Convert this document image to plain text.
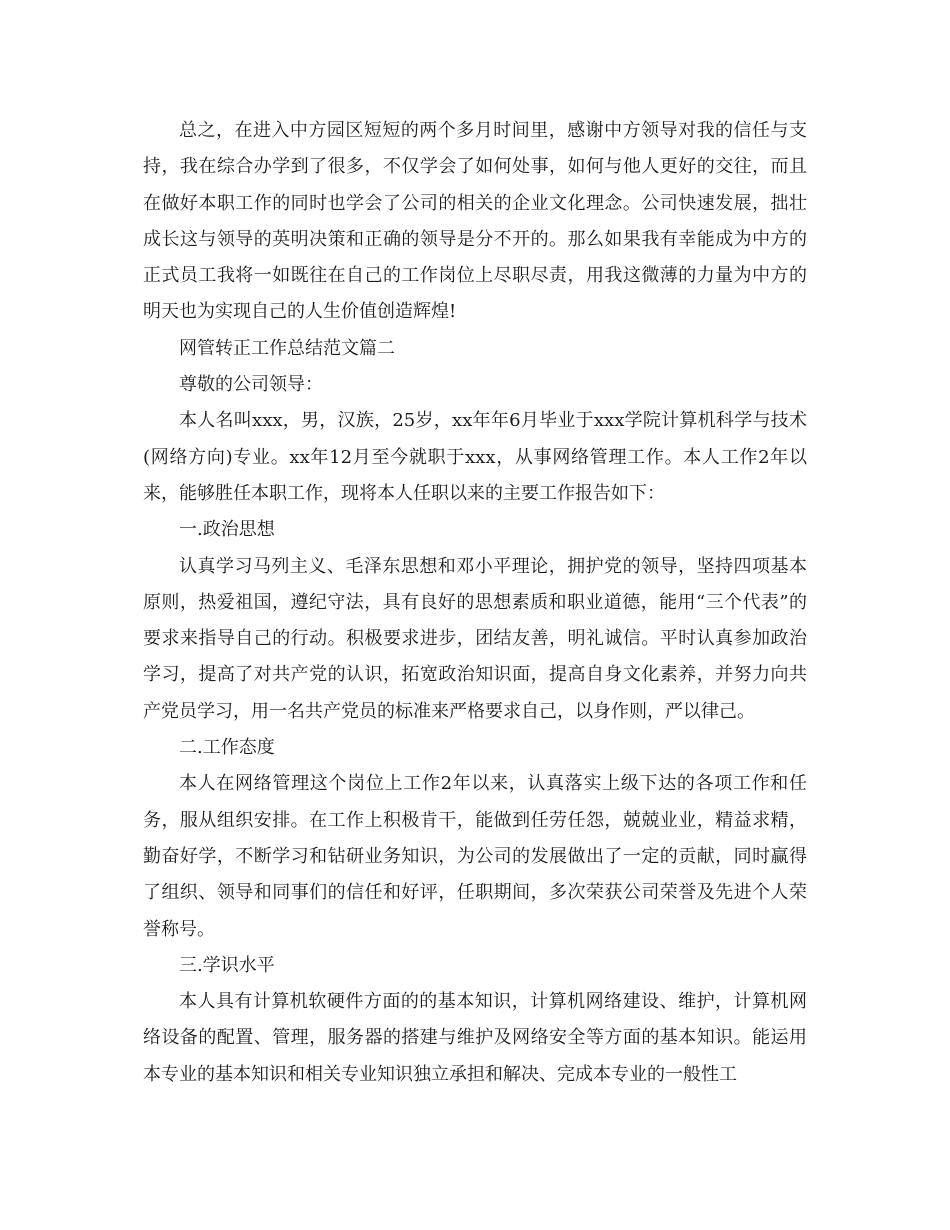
总之，在进入中方园区短短的两个多月时间里，感谢中方领导对我的信任与支持，我在综合办学到了很多，不仅学会了如何处事，如何与他人更好的交往，而且在做好本职工作的同时也学会了公司的相关的企业文化理念。公司快速发展，拙壮成长这与领导的英明决策和正确的领导是分不开的。那么如果我有幸能成为中方的正式员工我将一如既往在自己的工作岗位上尽职尽责，用我这微薄的力量为中方的明天也为实现自己的人生价值创造辉煌!

网管转正工作总结范文篇二

尊敬的公司领导：

本人名叫xxx，男，汉族，25岁，xx年年6月毕业于xxx学院计算机科学与技术(网络方向)专业。xx年12月至今就职于xxx，从事网络管理工作。本人工作2年以来，能够胜任本职工作，现将本人任职以来的主要工作报告如下：

一.政治思想

认真学习马列主义、毛泽东思想和邓小平理论，拥护党的领导，坚持四项基本原则，热爱祖国，遵纪守法，具有良好的思想素质和职业道德，能用“三个代表”的要求来指导自己的行动。积极要求进步，团结友善，明礼诚信。平时认真参加政治学习，提高了对共产党的认识，拓宽政治知识面，提高自身文化素养，并努力向共产党员学习，用一名共产党员的标准来严格要求自己，以身作则，严以律己。

二.工作态度

本人在网络管理这个岗位上工作2年以来，认真落实上级下达的各项工作和任务，服从组织安排。在工作上积极肯干，能做到任劳任怨，兢兢业业，精益求精，勤奋好学，不断学习和钻研业务知识，为公司的发展做出了一定的贡献，同时赢得了组织、领导和同事们的信任和好评，任职期间，多次荣获公司荣誉及先进个人荣誉称号。

三.学识水平

本人具有计算机软硬件方面的的基本知识，计算机网络建设、维护，计算机网络设备的配置、管理，服务器的搭建与维护及网络安全等方面的基本知识。能运用本专业的基本知识和相关专业知识独立承担和解决、完成本专业的一般性工
